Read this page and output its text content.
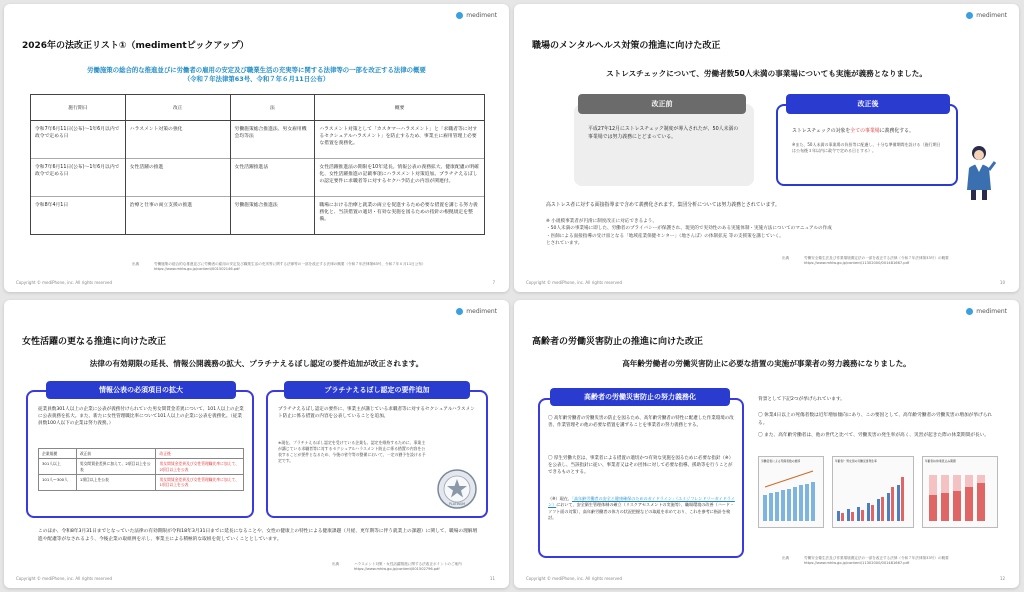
mediment
2026年の法改正リスト①（medimentピックアップ）
労働施策の総合的な推進並びに労働者の雇用の安定及び職業生活の充実等に関する法律等の一部を改正する法律の概要
（令和７年法律第63号、令和７年６月11日公布）
施行期日	改正	法	概要
令和7年6月11日(公布)〜1年6月以内で政令で定める日	ハラスメント対策の強化	労働施策総合推進法、男女雇用機会均等法	ハラスメント対策として「カスタマーハラスメント」と「求職者等に対するセクシュアルハラスメント」を防止するため、事業主に雇用管理上必要な措置を義務化。
令和7年6月11日(公布)〜1年6月以内で政令で定める日	女性活躍の推進	女性活躍推進法	女性活躍推進法の期限を10年延長。情報公表の義務拡大、健康配慮の明確化、女性活躍推進の記載事項にハラスメント対策追加。プラチナえるぼしの認定要件に求職者等に対するセクハラ防止の内容が関連付。
令和8年4月1日	治療と仕事の両立支援の推進	労働施策総合推進法	職場における治療と就業の両立を促進するため必要な措置を講じる努力義務化と、当該措置の適切・有効な実施を図るための指針の根拠規定を整備。
出典	労働施策の総合的な推進並びに労働者の雇用の安定及び職業生活の充実等に関する法律等の一部を改正する法律の概要（令和７年法律第63号、令和７年６月11日公布）
https://www.mhlw.go.jp/content/001502146.pdf
Copyright © mediPhone, inc. All rights reserved	7
mediment
職場のメンタルヘルス対策の推進に向けた改正
ストレスチェックについて、労働者数50人未満の事業場についても実施が義務となりました。
平成27年12月にストレスチェック制度が導入されたが、50人未満の事業場では努力義務にとどまっている。
改正前
ストレスチェックの対象を全ての事業場に義務化する。
※また、50人未満の事業場の負担等に配慮し、十分な準備期間を設ける（施行期日は公布後３年以内に政令で定める日とする）。
改正後
高ストレス者に対する面接指導まで含めて義務化されます。集団分析については努力義務とされています。
※ 小規模事業者が円滑に制度改正に対応できるよう、
・50人未満の事業場に即した、労働者のプライバシーが保護され、現実的で実効性のある実施体制・実施方法についてのマニュアルの作成
・医師による面接指導の受け皿となる「地域産業保健センター」（地さんぽ）の体制拡充 等の支援策を講じていく。
とされています。
出典	労働安全衛生法及び作業環境測定法の一部を改正する法律（令和７年法律第33号）の概要
https://www.mhlw.go.jp/content/11302000/001481667.pdf
Copyright © mediPhone, inc. All rights reserved	10
mediment
女性活躍の更なる推進に向けた改正
法律の有効期限の延長、情報公開義務の拡大、プラチナえるぼし認定の要件追加が改正されます。
情報公表の必須項目の拡大
従業員数301人以上の企業に公表が義務付けられていた男女間賃金差異について、101人以上の企業に公表義務を拡大。また、新たに女性管理職比率について101人以上の企業に公表を義務化。（従業員数100人以下の企業は努力義務。）
企業規模	改正前	改正後
301人以上	男女間賃金差異に加えて、2項目以上を公表	男女間賃金差異及び女性管理職比率に加えて、2項目以上を公表
101人〜300人	1項目以上を公表	男女間賃金差異及び女性管理職比率に加えて、1項目以上を公表
プラチナえるぼし認定の要件追加
プラチナえるぼし認定の要件に、事業主が講じている求職者等に対するセクシュアルハラスメント防止に係る措置の内容を公表していることを追加。
※現在、プラチナえるぼし認定を受けている企業も、認定を維持するために、事業主が講じている求職者等に対するセクシュアルハラスメント防止に係る措置の内容を公表することが要件となるため、今後の省令等の整備において、一定の猶予を設ける予定です。
PLATINUM
このほか、令和8年3月31日までとなっていた法律の有効期限が令和18年3月31日までに延長になることや、女性の健康上の特性による健康課題（月経、更年期等に伴う就業上の課題）に関して、職場の理解増進や配慮等がなされるよう、今後企業の取組例を示し、事業主による積極的な取組を促していくこととしています。
出典	ハラスメント対策・女性活躍推進に関する法改正ポイントのご案内
https://www.mhlw.go.jp/content/001502796.pdf
Copyright © mediPhone, inc. All rights reserved	11
mediment
高齢者の労働災害防止の推進に向けた改正
高年齢労働者の労働災害防止に必要な措置の実施が事業者の努力義務になりました。
高齢者の労働災害防止の努力義務化
〇 高年齢労働者の労働災害の防止を図るため、高年齢労働者の特性に配慮した作業環境の改善、作業管理その他の必要な措置を講ずることを事業者の努力義務とする。
〇 厚生労働大臣は、事業者による措置の適切かつ有効な実施を図るために必要な指針（※）を公表し、当該指針に従い、事業者又はその団体に対して必要な指導、援助等を行うことができるものとする。
（※）現在、「高年齢労働者の安全と健康確保のためのガイドライン」（エイジフレンドリーガイドライン）において、安全衛生管理体制の確立（リスクアセスメントの実施等）、職場環境の改善（ハード・ソフト面の対策）、高年齢労働者の体力の状況把握などの取組を求めており、これを参考に指針を検討。
背景として下記2つが挙げられています。
〇 休業4日以上の死傷者数は近年増加傾向にあり、この要因として、高年齢労働者の労働災害の増加が挙げられる。
〇 また、高年齢労働者は、他の世代と比べて、労働災害の発生率が高く、災害が起きた際の休業期間が長い。
労働災害による死傷者数の推移	年齢別・男女別の労働災害発生率	年齢別の休業見込み期間
出典	労働安全衛生法及び作業環境測定法の一部を改正する法律（令和７年法律第33号）の概要
https://www.mhlw.go.jp/content/11302000/001481667.pdf
Copyright © mediPhone, inc. All rights reserved	12
